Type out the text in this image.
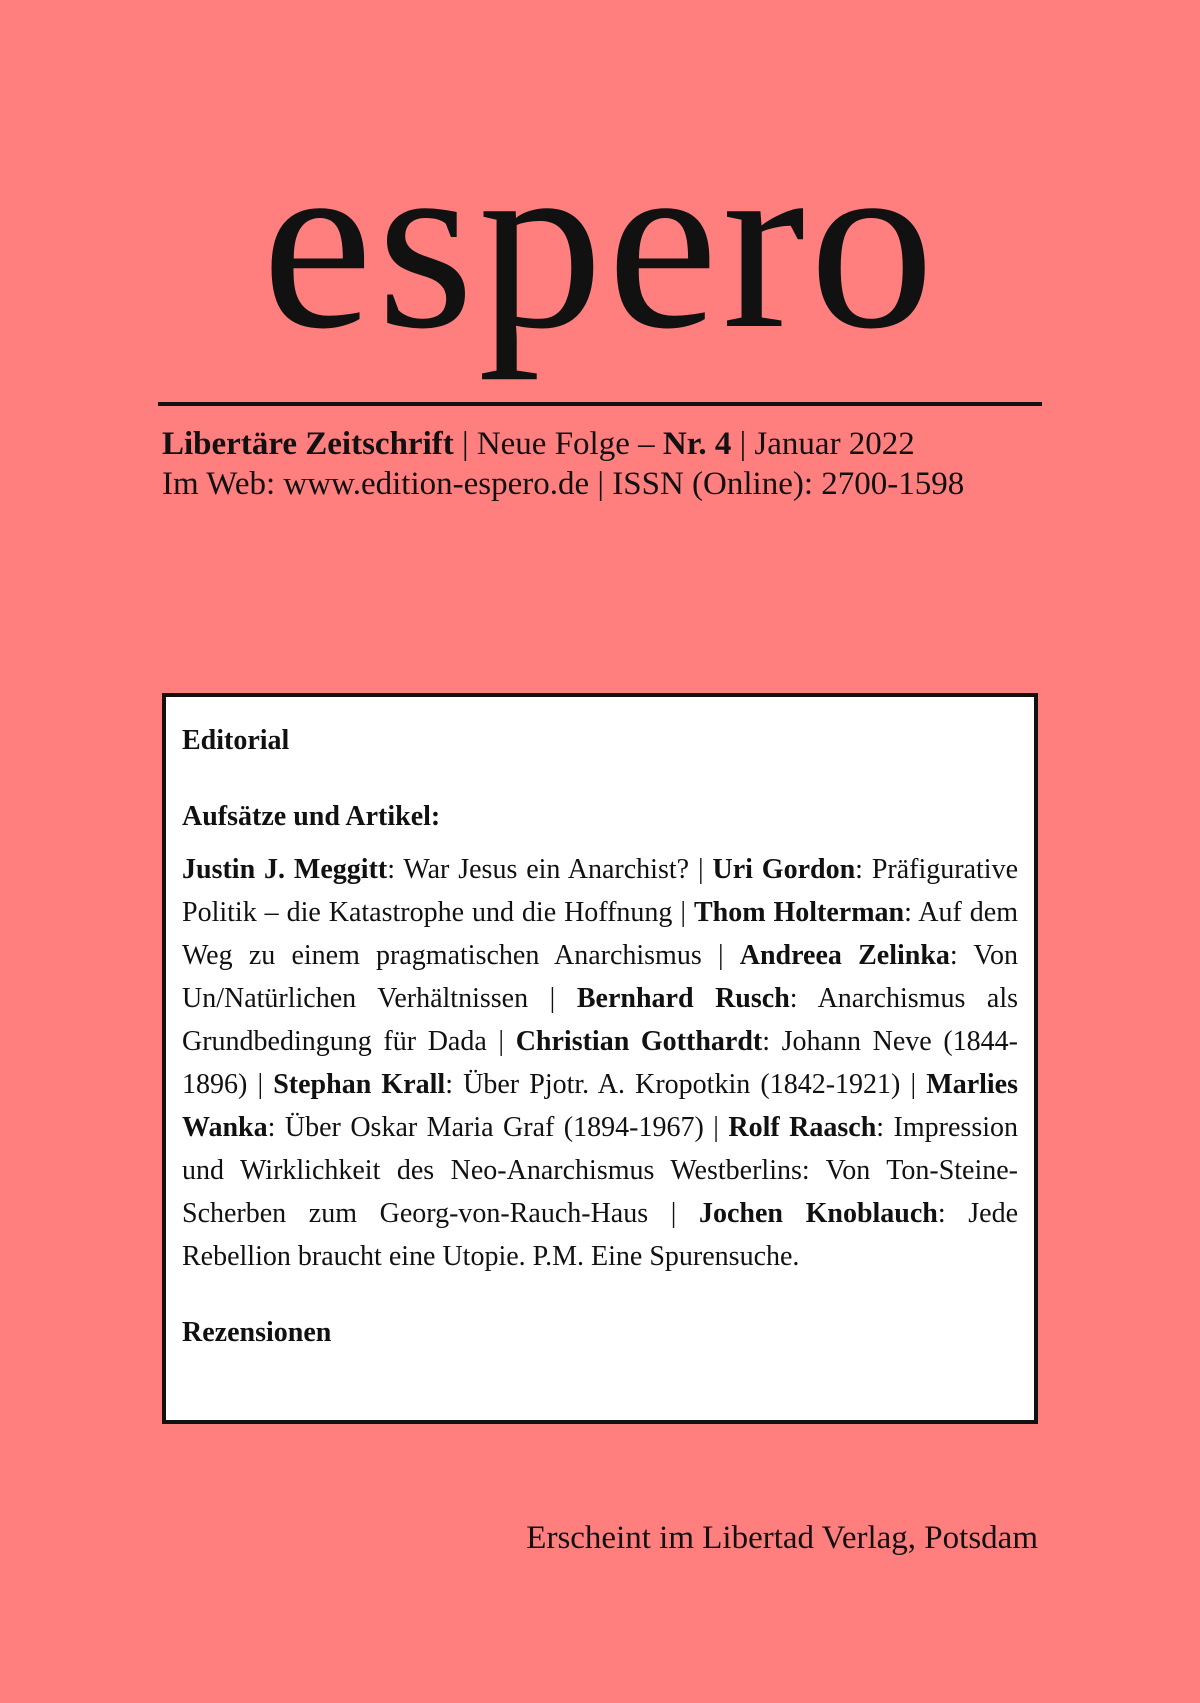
espero
Libertäre Zeitschrift | Neue Folge – Nr. 4 | Januar 2022
Im Web: www.edition-espero.de | ISSN (Online): 2700-1598
Editorial
Aufsätze und Artikel:
Justin J. Meggitt: War Jesus ein Anarchist? | Uri Gordon: Präfigurative Politik – die Katastrophe und die Hoffnung | Thom Holterman: Auf dem Weg zu einem pragmatischen Anarchismus | Andreea Zelinka: Von Un/Natürlichen Verhältnissen | Bernhard Rusch: Anarchismus als Grundbedingung für Dada | Christian Gotthardt: Johann Neve (1844-1896) | Stephan Krall: Über Pjotr. A. Kropotkin (1842-1921) | Marlies Wanka: Über Oskar Maria Graf (1894-1967) | Rolf Raasch: Impression und Wirklichkeit des Neo-Anarchismus Westberlins: Von Ton-Steine-Scherben zum Georg-von-Rauch-Haus | Jochen Knoblauch: Jede Rebellion braucht eine Utopie. P.M. Eine Spurensuche.
Rezensionen
Erscheint im Libertad Verlag, Potsdam
